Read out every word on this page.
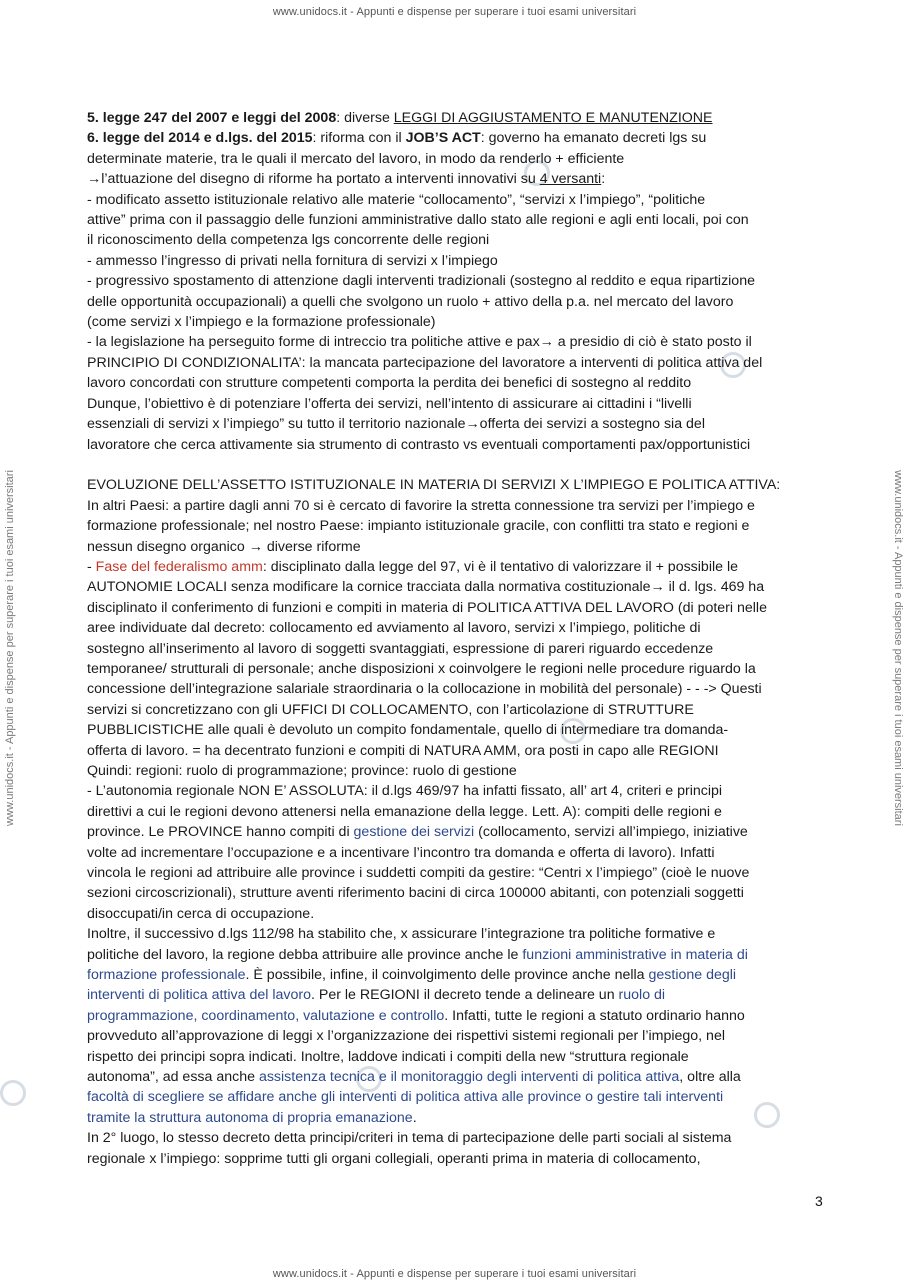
www.unidocs.it - Appunti e dispense per superare i tuoi esami universitari
www.unidocs.it - Appunti e dispense per superare i tuoi esami universitari
www.unidocs.it - Appunti e dispense per superare i tuoi esami universitari	www.unidocs.it - Appunti e dispense per superare i tuoi esami universitari

5. legge 247 del 2007 e leggi del 2008: diverse LEGGI DI AGGIUSTAMENTO E MANUTENZIONE

6. legge del 2014 e d.lgs. del 2015: riforma con il JOB’S ACT: governo ha emanato decreti lgs su

determinate materie, tra le quali il mercato del lavoro, in modo da renderlo + efficiente

→l’attuazione del disegno di riforme ha portato a interventi innovativi su 4 versanti:

- modificato assetto istituzionale relativo alle materie “collocamento”, “servizi x l’impiego”, “politiche

attive” prima con il passaggio delle funzioni amministrative dallo stato alle regioni e agli enti locali, poi con

il riconoscimento della competenza lgs concorrente delle regioni

- ammesso l’ingresso di privati nella fornitura di servizi x l’impiego

- progressivo spostamento di attenzione dagli interventi tradizionali (sostegno al reddito e equa ripartizione

delle opportunità occupazionali) a quelli che svolgono un ruolo + attivo della p.a. nel mercato del lavoro

(come servizi x l’impiego e la formazione professionale)

- la legislazione ha perseguito forme di intreccio tra politiche attive e pax→ a presidio di ciò è stato posto il

PRINCIPIO DI CONDIZIONALITA’: la mancata partecipazione del lavoratore a interventi di politica attiva del

lavoro concordati con strutture competenti comporta la perdita dei benefici di sostegno al reddito

Dunque, l’obiettivo è di potenziare l’offerta dei servizi, nell’intento di assicurare ai cittadini i “livelli

essenziali di servizi x l’impiego” su tutto il territorio nazionale→offerta dei servizi a sostegno sia del

lavoratore che cerca attivamente sia strumento di contrasto vs eventuali comportamenti pax/opportunistici

EVOLUZIONE DELL’ASSETTO ISTITUZIONALE IN MATERIA DI SERVIZI X L’IMPIEGO E POLITICA ATTIVA:

In altri Paesi: a partire dagli anni 70 si è cercato di favorire la stretta connessione tra servizi per l’impiego e

formazione professionale; nel nostro Paese: impianto istituzionale gracile, con conflitti tra stato e regioni e

nessun disegno organico → diverse riforme

- Fase del federalismo amm: disciplinato dalla legge del 97, vi è il tentativo di valorizzare il + possibile le

AUTONOMIE LOCALI senza modificare la cornice tracciata dalla normativa costituzionale→ il d. lgs. 469 ha

disciplinato il conferimento di funzioni e compiti in materia di POLITICA ATTIVA DEL LAVORO (di poteri nelle

aree individuate dal decreto: collocamento ed avviamento al lavoro, servizi x l’impiego, politiche di

sostegno all’inserimento al lavoro di soggetti svantaggiati, espressione di pareri riguardo eccedenze

temporanee/ strutturali di personale; anche disposizioni x coinvolgere le regioni nelle procedure riguardo la

concessione dell’integrazione salariale straordinaria o la collocazione in mobilità del personale) - - -> Questi

servizi si concretizzano con gli UFFICI DI COLLOCAMENTO, con l’articolazione di STRUTTURE

PUBBLICISTICHE alle quali è devoluto un compito fondamentale, quello di intermediare tra domanda-

offerta di lavoro. = ha decentrato funzioni e compiti di NATURA AMM, ora posti in capo alle REGIONI

Quindi: regioni: ruolo di programmazione; province: ruolo di gestione

- L’autonomia regionale NON E’ ASSOLUTA: il d.lgs 469/97 ha infatti fissato, all’ art 4, criteri e principi

direttivi a cui le regioni devono attenersi nella emanazione della legge. Lett. A): compiti delle regioni e

province. Le PROVINCE hanno compiti di gestione dei servizi (collocamento, servizi all’impiego, iniziative

volte ad incrementare l’occupazione e a incentivare l’incontro tra domanda e offerta di lavoro). Infatti

vincola le regioni ad attribuire alle province i suddetti compiti da gestire: “Centri x l’impiego” (cioè le nuove

sezioni circoscrizionali), strutture aventi riferimento bacini di circa 100000 abitanti, con potenziali soggetti

disoccupati/in cerca di occupazione.

Inoltre, il successivo d.lgs 112/98 ha stabilito che, x assicurare l’integrazione tra politiche formative e

politiche del lavoro, la regione debba attribuire alle province anche le funzioni amministrative in materia di

formazione professionale. È possibile, infine, il coinvolgimento delle province anche nella gestione degli

interventi di politica attiva del lavoro. Per le REGIONI il decreto tende a delineare un ruolo di

programmazione, coordinamento, valutazione e controllo. Infatti, tutte le regioni a statuto ordinario hanno

provveduto all’approvazione di leggi x l’organizzazione dei rispettivi sistemi regionali per l’impiego, nel

rispetto dei principi sopra indicati. Inoltre, laddove indicati i compiti della new “struttura regionale

autonoma”, ad essa anche assistenza tecnica e il monitoraggio degli interventi di politica attiva, oltre alla

facoltà di scegliere se affidare anche gli interventi di politica attiva alle province o gestire tali interventi

tramite la struttura autonoma di propria emanazione.

In 2° luogo, lo stesso decreto detta principi/criteri in tema di partecipazione delle parti sociali al sistema

regionale x l’impiego: sopprime tutti gli organi collegiali, operanti prima in materia di collocamento,

3
